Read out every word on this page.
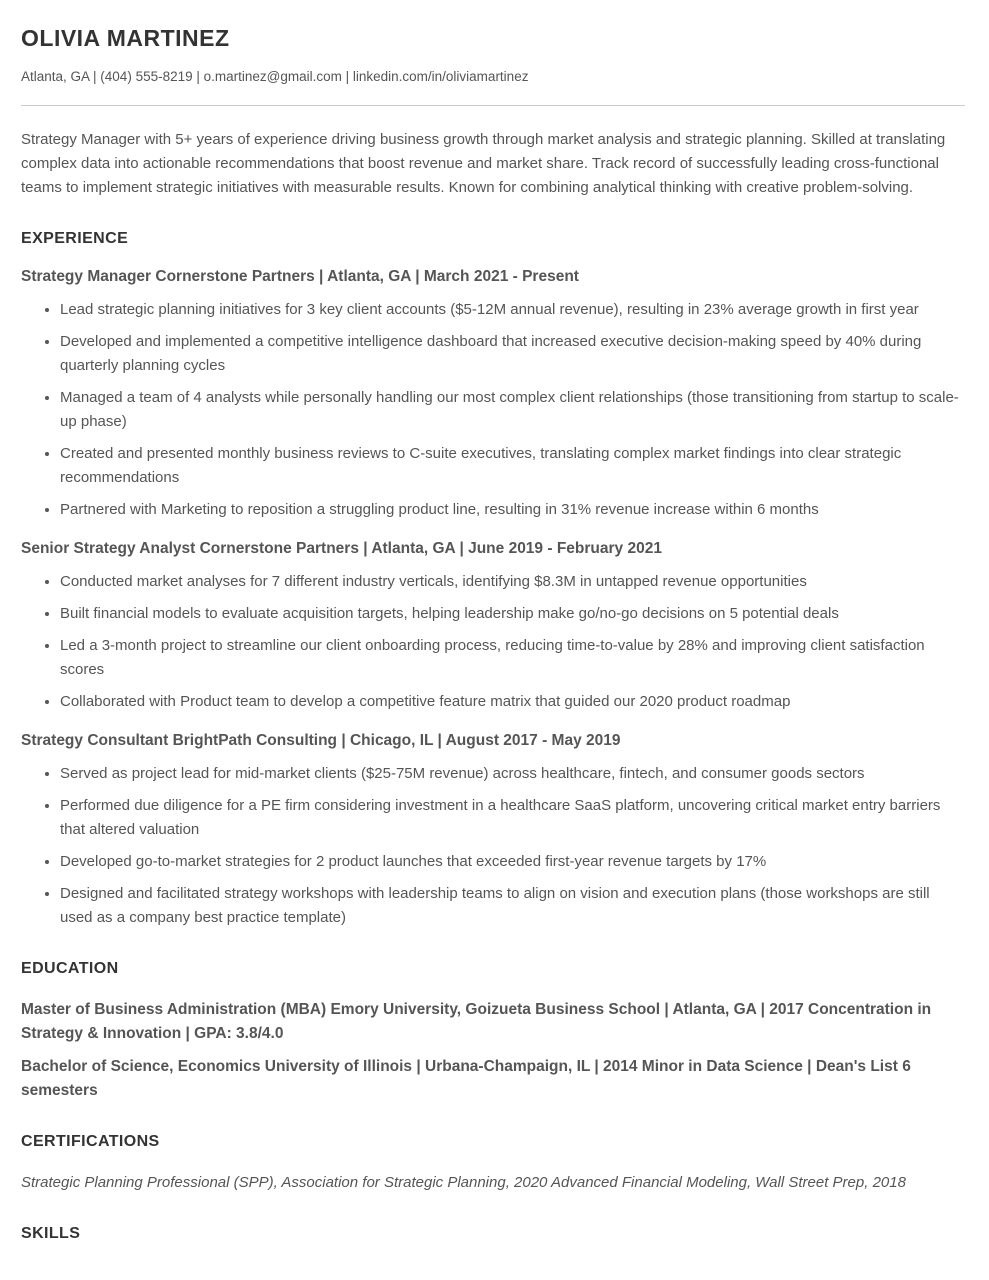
OLIVIA MARTINEZ

Atlanta, GA | (404) 555-8219 | o.martinez@gmail.com | linkedin.com/in/oliviamartinez

Strategy Manager with 5+ years of experience driving business growth through market analysis and strategic planning. Skilled at translating complex data into actionable recommendations that boost revenue and market share. Track record of successfully leading cross-functional teams to implement strategic initiatives with measurable results. Known for combining analytical thinking with creative problem-solving.

EXPERIENCE
Strategy Manager Cornerstone Partners | Atlanta, GA | March 2021 - Present
• Lead strategic planning initiatives for 3 key client accounts ($5-12M annual revenue), resulting in 23% average growth in first year
• Developed and implemented a competitive intelligence dashboard that increased executive decision-making speed by 40% during quarterly planning cycles
• Managed a team of 4 analysts while personally handling our most complex client relationships (those transitioning from startup to scale-up phase)
• Created and presented monthly business reviews to C-suite executives, translating complex market findings into clear strategic recommendations
• Partnered with Marketing to reposition a struggling product line, resulting in 31% revenue increase within 6 months
Senior Strategy Analyst Cornerstone Partners | Atlanta, GA | June 2019 - February 2021
• Conducted market analyses for 7 different industry verticals, identifying $8.3M in untapped revenue opportunities
• Built financial models to evaluate acquisition targets, helping leadership make go/no-go decisions on 5 potential deals
• Led a 3-month project to streamline our client onboarding process, reducing time-to-value by 28% and improving client satisfaction scores
• Collaborated with Product team to develop a competitive feature matrix that guided our 2020 product roadmap
Strategy Consultant BrightPath Consulting | Chicago, IL | August 2017 - May 2019
• Served as project lead for mid-market clients ($25-75M revenue) across healthcare, fintech, and consumer goods sectors
• Performed due diligence for a PE firm considering investment in a healthcare SaaS platform, uncovering critical market entry barriers that altered valuation
• Developed go-to-market strategies for 2 product launches that exceeded first-year revenue targets by 17%
• Designed and facilitated strategy workshops with leadership teams to align on vision and execution plans (those workshops are still used as a company best practice template)
EDUCATION

Master of Business Administration (MBA) Emory University, Goizueta Business School | Atlanta, GA | 2017 Concentration in Strategy & Innovation | GPA: 3.8/4.0

Bachelor of Science, Economics University of Illinois | Urbana-Champaign, IL | 2014 Minor in Data Science | Dean's List 6 semesters

CERTIFICATIONS

Strategic Planning Professional (SPP), Association for Strategic Planning, 2020 Advanced Financial Modeling, Wall Street Prep, 2018

SKILLS
